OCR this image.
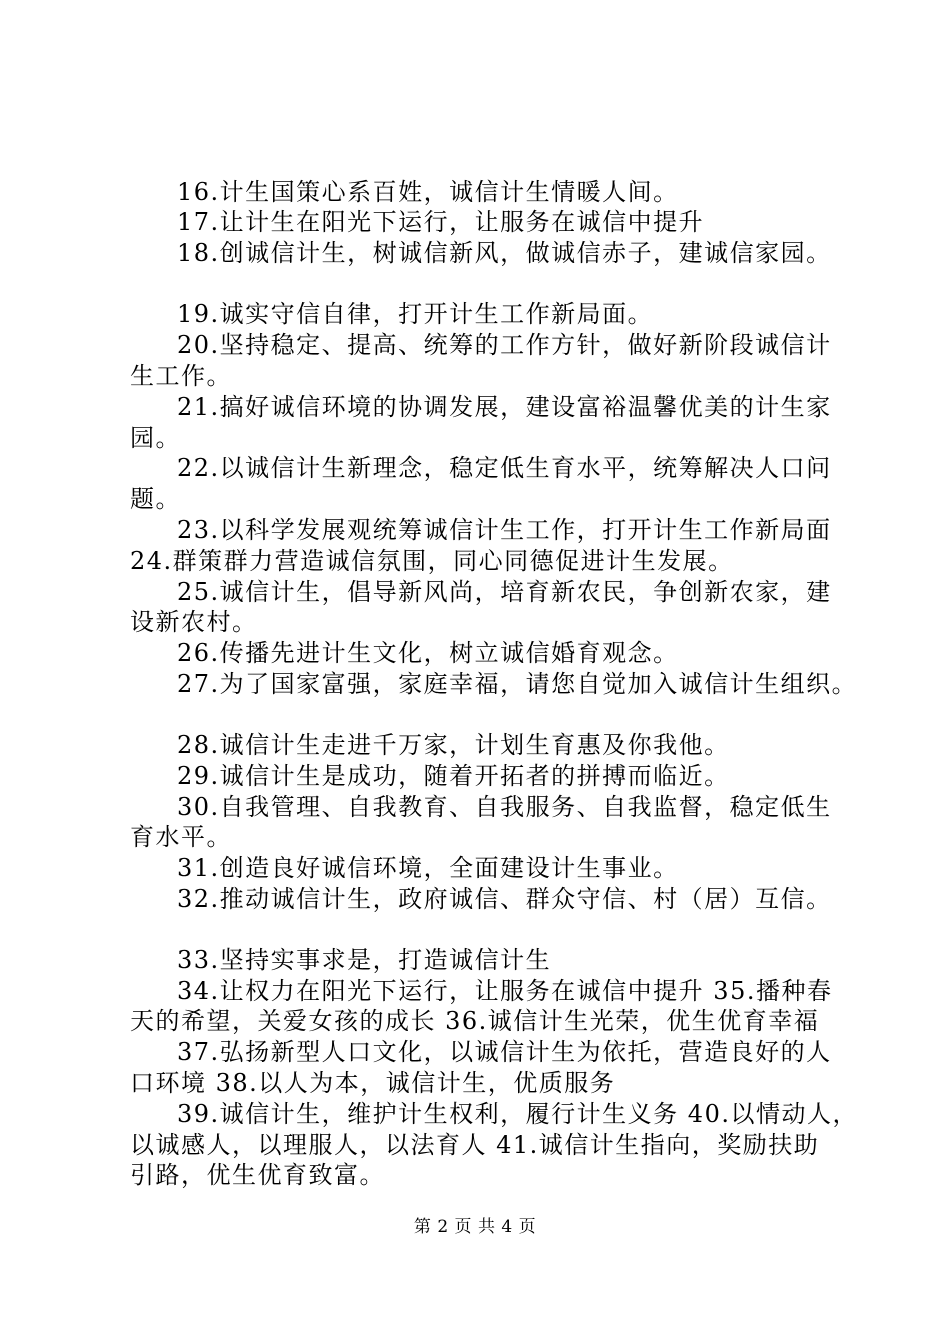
16.计生国策心系百姓，诚信计生情暖人间。
17.让计生在阳光下运行，让服务在诚信中提升
18.创诚信计生，树诚信新风，做诚信赤子，建诚信家园。
19.诚实守信自律，打开计生工作新局面。
20.坚持稳定、提高、统筹的工作方针，做好新阶段诚信计
生工作。
21.搞好诚信环境的协调发展，建设富裕温馨优美的计生家
园。
22.以诚信计生新理念，稳定低生育水平，统筹解决人口问
题。
23.以科学发展观统筹诚信计生工作，打开计生工作新局面
24.群策群力营造诚信氛围，同心同德促进计生发展。
25.诚信计生，倡导新风尚，培育新农民，争创新农家，建
设新农村。
26.传播先进计生文化，树立诚信婚育观念。
27.为了国家富强，家庭幸福，请您自觉加入诚信计生组织。
28.诚信计生走进千万家，计划生育惠及你我他。
29.诚信计生是成功，随着开拓者的拼搏而临近。
30.自我管理、自我教育、自我服务、自我监督，稳定低生
育水平。
31.创造良好诚信环境，全面建设计生事业。
32.推动诚信计生，政府诚信、群众守信、村（居）互信。
33.坚持实事求是，打造诚信计生
34.让权力在阳光下运行，让服务在诚信中提升 35.播种春
天的希望，关爱女孩的成长 36.诚信计生光荣，优生优育幸福
37.弘扬新型人口文化，以诚信计生为依托，营造良好的人
口环境 38.以人为本，诚信计生，优质服务
39.诚信计生，维护计生权利，履行计生义务 40.以情动人，
以诚感人，以理服人，以法育人 41.诚信计生指向，奖励扶助
引路，优生优育致富。
第 2 页 共 4 页
